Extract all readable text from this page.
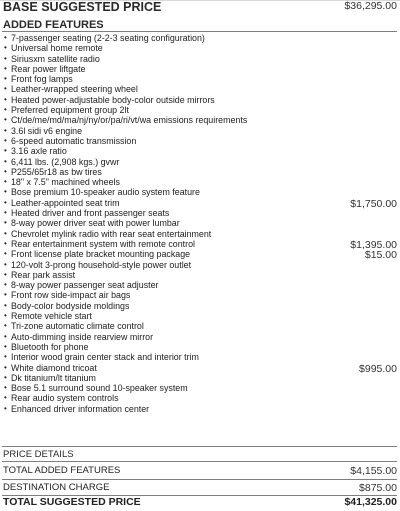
BASE SUGGESTED PRICE	$36,295.00
ADDED FEATURES
• 7-passenger seating (2-2-3 seating configuration)
• Universal home remote
• Siriusxm satellite radio
• Rear power liftgate
• Front fog lamps
• Leather-wrapped steering wheel
• Heated power-adjustable body-color outside mirrors
• Preferred equipment group 2lt
• Ct/de/me/md/ma/nj/ny/or/pa/ri/vt/wa emissions requirements
• 3.6l sidi v6 engine
• 6-speed automatic transmission
• 3.16 axle ratio
• 6,411 lbs. (2,908 kgs.) gvwr
• P255/65r18 as bw tires
• 18" x 7.5" machined wheels
• Bose premium 10-speaker audio system feature
• Leather-appointed seat trim	$1,750.00
• Heated driver and front passenger seats
• 8-way power driver seat with power lumbar
• Chevrolet mylink radio with rear seat entertainment
• Rear entertainment system with remote control	$1,395.00
• Front license plate bracket mounting package	$15.00
• 120-volt 3-prong household-style power outlet
• Rear park assist
• 8-way power passenger seat adjuster
• Front row side-impact air bags
• Body-color bodyside moldings
• Remote vehicle start
• Tri-zone automatic climate control
• Auto-dimming inside rearview mirror
• Bluetooth for phone
• Interior wood grain center stack and interior trim
• White diamond tricoat	$995.00
• Dk titanium/lt titanium
• Bose 5.1 surround sound 10-speaker system
• Rear audio system controls
• Enhanced driver information center
PRICE DETAILS
TOTAL ADDED FEATURES	$4,155.00
DESTINATION CHARGE	$875.00
TOTAL SUGGESTED PRICE	$41,325.00
